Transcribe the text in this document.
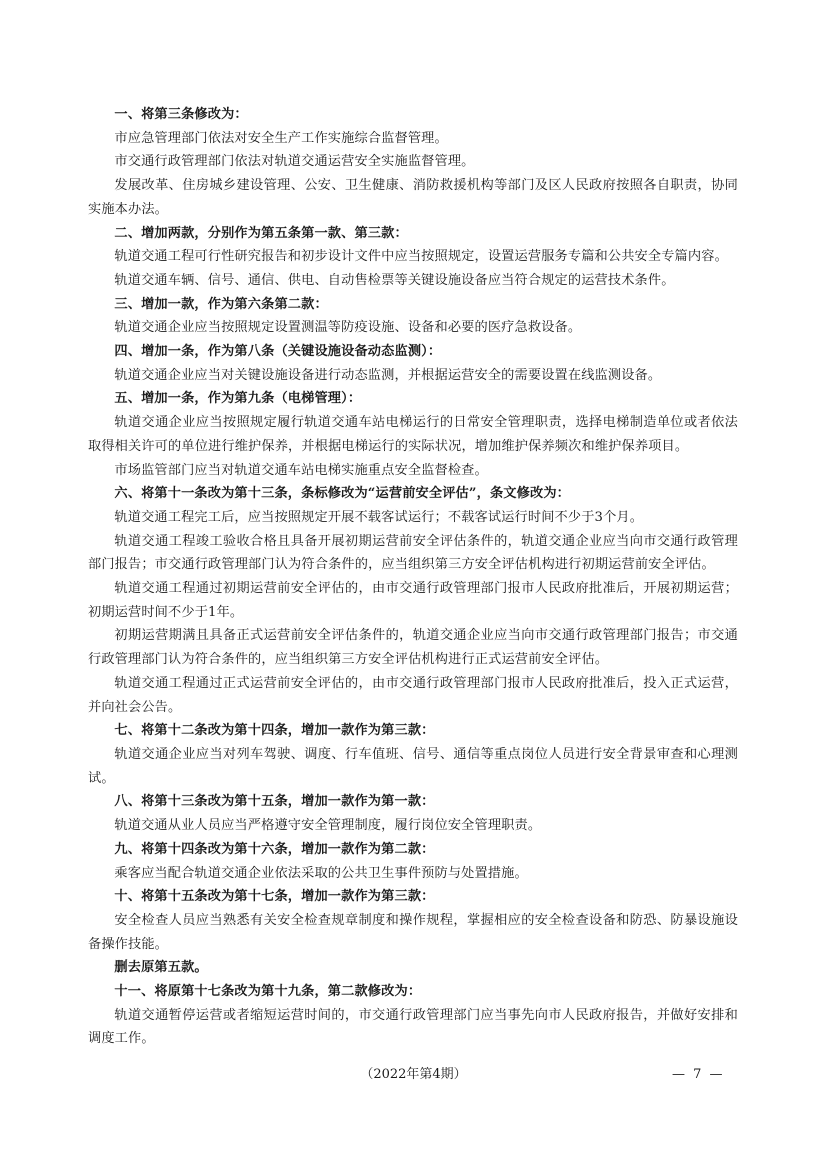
一、将第三条修改为：

市应急管理部门依法对安全生产工作实施综合监督管理。

市交通行政管理部门依法对轨道交通运营安全实施监督管理。

发展改革、住房城乡建设管理、公安、卫生健康、消防救援机构等部门及区人民政府按照各自职责，协同实施本办法。

二、增加两款，分别作为第五条第一款、第三款：

轨道交通工程可行性研究报告和初步设计文件中应当按照规定，设置运营服务专篇和公共安全专篇内容。

轨道交通车辆、信号、通信、供电、自动售检票等关键设施设备应当符合规定的运营技术条件。

三、增加一款，作为第六条第二款：

轨道交通企业应当按照规定设置测温等防疫设施、设备和必要的医疗急救设备。

四、增加一条，作为第八条（关键设施设备动态监测）：

轨道交通企业应当对关键设施设备进行动态监测，并根据运营安全的需要设置在线监测设备。

五、增加一条，作为第九条（电梯管理）：

轨道交通企业应当按照规定履行轨道交通车站电梯运行的日常安全管理职责，选择电梯制造单位或者依法取得相关许可的单位进行维护保养，并根据电梯运行的实际状况，增加维护保养频次和维护保养项目。

市场监管部门应当对轨道交通车站电梯实施重点安全监督检查。

六、将第十一条改为第十三条，条标修改为“运营前安全评估”，条文修改为：

轨道交通工程完工后，应当按照规定开展不载客试运行；不载客试运行时间不少于3个月。

轨道交通工程竣工验收合格且具备开展初期运营前安全评估条件的，轨道交通企业应当向市交通行政管理部门报告；市交通行政管理部门认为符合条件的，应当组织第三方安全评估机构进行初期运营前安全评估。

轨道交通工程通过初期运营前安全评估的，由市交通行政管理部门报市人民政府批准后，开展初期运营；初期运营时间不少于1年。

初期运营期满且具备正式运营前安全评估条件的，轨道交通企业应当向市交通行政管理部门报告；市交通行政管理部门认为符合条件的，应当组织第三方安全评估机构进行正式运营前安全评估。

轨道交通工程通过正式运营前安全评估的，由市交通行政管理部门报市人民政府批准后，投入正式运营，并向社会公告。

七、将第十二条改为第十四条，增加一款作为第三款：

轨道交通企业应当对列车驾驶、调度、行车值班、信号、通信等重点岗位人员进行安全背景审查和心理测试。

八、将第十三条改为第十五条，增加一款作为第一款：

轨道交通从业人员应当严格遵守安全管理制度，履行岗位安全管理职责。

九、将第十四条改为第十六条，增加一款作为第二款：

乘客应当配合轨道交通企业依法采取的公共卫生事件预防与处置措施。

十、将第十五条改为第十七条，增加一款作为第三款：

安全检查人员应当熟悉有关安全检查规章制度和操作规程，掌握相应的安全检查设备和防恐、防暴设施设备操作技能。

删去原第五款。

十一、将原第十七条改为第十九条，第二款修改为：

轨道交通暂停运营或者缩短运营时间的，市交通行政管理部门应当事先向市人民政府报告，并做好安排和调度工作。

（2022年第4期）	— 7 —
